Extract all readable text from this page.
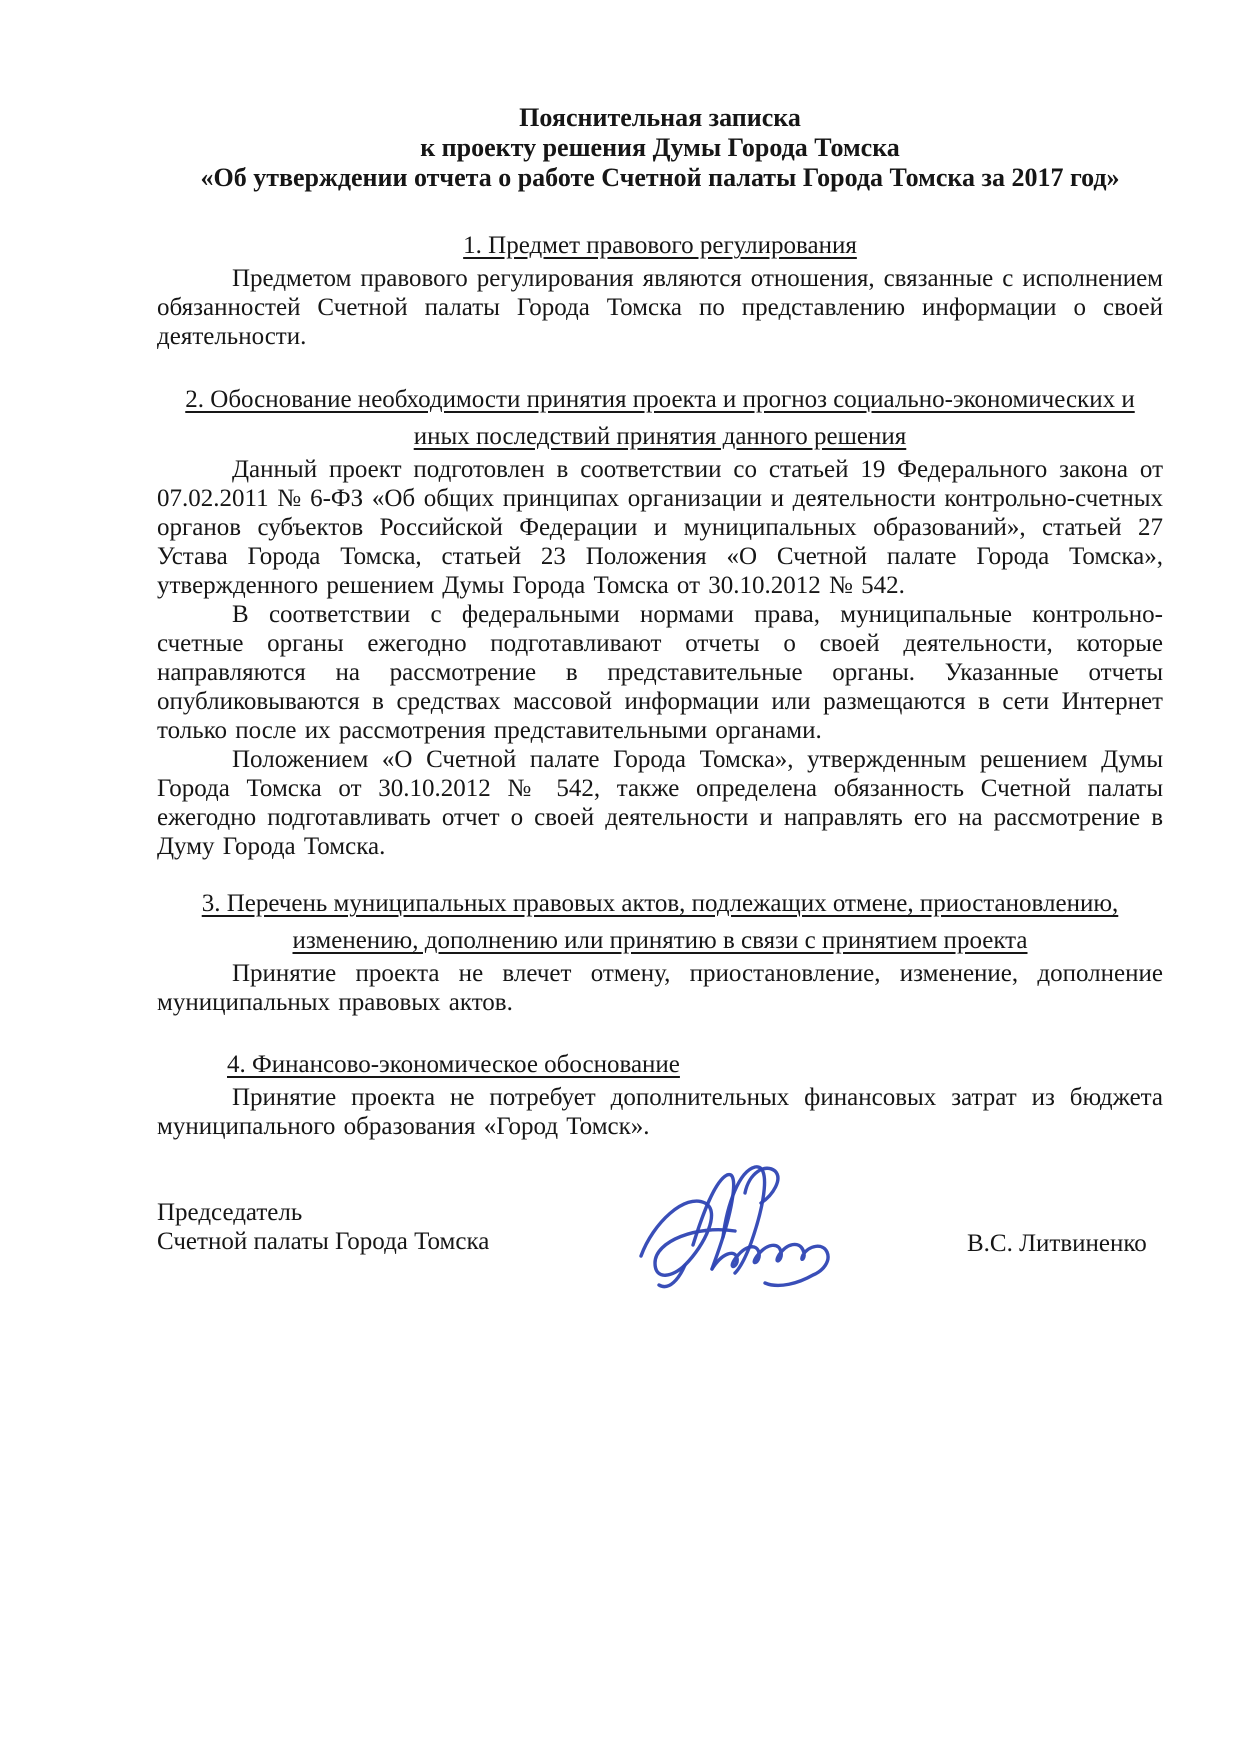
Пояснительная записка
к проекту решения Думы Города Томска
«Об утверждении отчета о работе Счетной палаты Города Томска за 2017 год»
1. Предмет правового регулирования

Предметом правового регулирования являются отношения, связанные с исполнением обязанностей Счетной палаты Города Томска по представлению информации о своей деятельности.

2. Обоснование необходимости принятия проекта и прогноз социально-экономических и
иных последствий принятия данного решения

Данный проект подготовлен в соответствии со статьей 19 Федерального закона от 07.02.2011 № 6-ФЗ «Об общих принципах организации и деятельности контрольно-счетных органов субъектов Российской Федерации и муниципальных образований», статьей 27 Устава Города Томска, статьей 23 Положения «О Счетной палате Города Томска», утвержденного решением Думы Города Томска от 30.10.2012 № 542.

В соответствии с федеральными нормами права, муниципальные контрольно-счетные органы ежегодно подготавливают отчеты о своей деятельности, которые направляются на рассмотрение в представительные органы. Указанные отчеты опубликовываются в средствах массовой информации или размещаются в сети Интернет только после их рассмотрения представительными органами.

Положением «О Счетной палате Города Томска», утвержденным решением Думы Города Томска от 30.10.2012 № 542, также определена обязанность Счетной палаты ежегодно подготавливать отчет о своей деятельности и направлять его на рассмотрение в Думу Города Томска.

3. Перечень муниципальных правовых актов, подлежащих отмене, приостановлению,
изменению, дополнению или принятию в связи с принятием проекта

Принятие проекта не влечет отмену, приостановление, изменение, дополнение муниципальных правовых актов.

4. Финансово-экономическое обоснование

Принятие проекта не потребует дополнительных финансовых затрат из бюджета муниципального образования «Город Томск».

Председатель
Счетной палаты Города Томска	В.С. Литвиненко
